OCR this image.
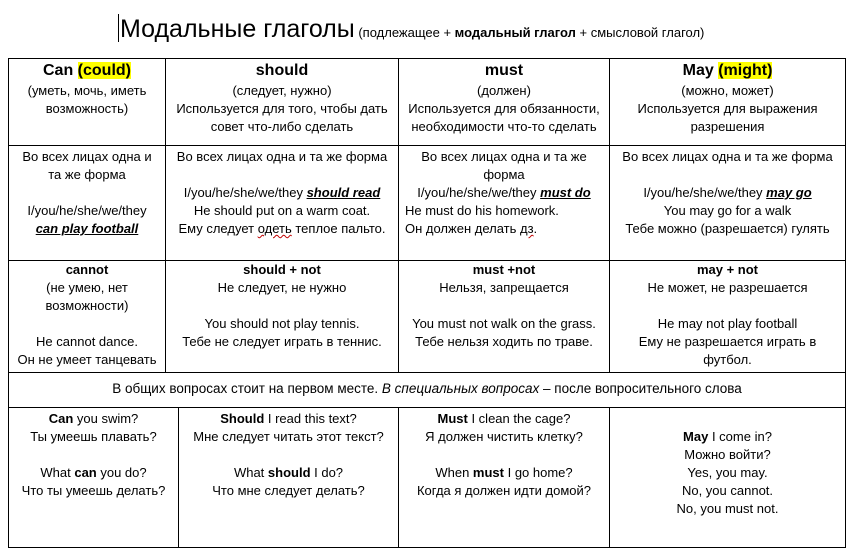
Модальные глаголы (подлежащее + модальный глагол + смысловой глагол)
Can (could)
(уметь, мочь, иметь
возможность)
should
(следует, нужно)
Используется для того, чтобы дать
совет что-либо сделать
must
(должен)
Используется для обязанности,
необходимости что-то сделать
May (might)
(можно, может)
Используется для выражения
разрешения
Во всех лицах одна и
та же форма
I/you/he/she/we/they
can play football
Во всех лицах одна и та же форма
I/you/he/she/we/they should read
He should put on a warm coat.
Ему следует одеть теплое пальто.
Во всех лицах одна и та же
форма
I/you/he/she/we/they must do
He must do his homework.
Он должен делать дз.
Во всех лицах одна и та же форма
I/you/he/she/we/they may go
You may go for a walk
Тебе можно (разрешается) гулять
cannot
(не умею, нет
возможности)
He cannot dance.
Он не умеет танцевать
should + not
Не следует, не нужно
You should not play tennis.
Тебе не следует играть в теннис.
must +not
Нельзя, запрещается
You must not walk on the grass.
Тебе нельзя ходить по траве.
may + not
Не может, не разрешается
He may not play football
Ему не разрешается играть в
футбол.
В общих вопросах стоит на первом месте. В специальных вопросах – после вопросительного слова
Can you swim?
Ты умеешь плавать?
What can you do?
Что ты умеешь делать?
Should I read this text?
Мне следует читать этот текст?
What should I do?
Что мне следует делать?
Must I clean the cage?
Я должен чистить клетку?
When must I go home?
Когда я должен идти домой?
May I come in?
Можно войти?
Yes, you may.
No, you cannot.
No, you must not.
